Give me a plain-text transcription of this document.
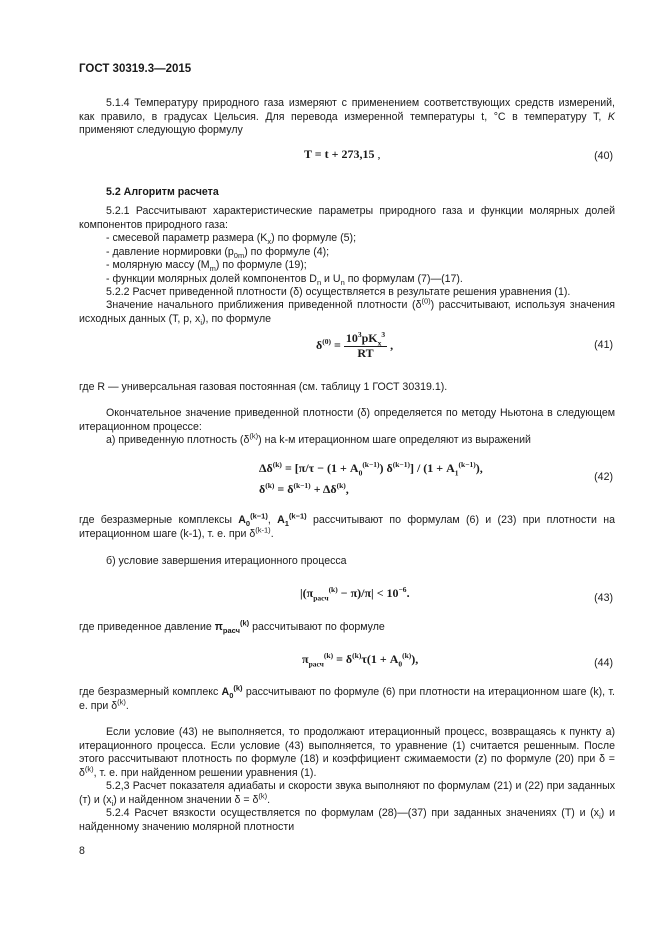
ГОСТ 30319.3—2015

5.1.4 Температуру природного газа измеряют с применением соответствующих средств измерений, как правило, в градусах Цельсия. Для перевода измеренной температуры t, °C в температуру T, K применяют следующую формулу

T = t + 273,15 ,	(40)
5.2 Алгоритм расчета

5.2.1 Рассчитывают характеристические параметры природного газа и функции молярных долей компонентов природного газа:

- смесевой параметр размера $(K_x)$ по формуле (5);
- давление нормировки $(p_{0m})$ по формуле (4);
- молярную массу $(M_m)$ по формуле (19);
- функции молярных долей компонентов $D_n$ и $U_n$ по формулам (7)—(17).

5.2.2 Расчет приведенной плотности (δ) осуществляется в результате решения уравнения (1).

Значение начального приближения приведенной плотности $(\delta^{(0)})$ рассчитывают, используя значения исходных данных (T, p, $x_i$), по формуле

$\delta^{(0)} = \frac{10^3pK_x^3}{RT}$ ,	(41)

где R — универсальная газовая постоянная (см. таблицу 1 ГОСТ 30319.1).

Окончательное значение приведенной плотности (δ) определяется по методу Ньютона в следующем итерационном процессе:

а) приведенную плотность $(\delta^{(k)})$ на k-м итерационном шаге определяют из выражений

$\Delta\delta^{(k)} = [\pi/\tau - (1 + A_0^{(k-1)})$ $\delta^{(k-1)}] / (1 + A_1^{(k-1)})$,
$\delta^{(k)} = \delta^{(k-1)} + \Delta\delta^{(k)}$,
(42)

где безразмерные комплексы $A_0^{(k-1)}$, $A_1^{(k-1)}$ рассчитывают по формулам (6) и (23) при плотности на итерационном шаге (k-1), т. е. при $\delta^{(k-1)}$.

б) условие завершения итерационного процесса

$|(\pi_{расч}^{(k)} - \pi)/\pi| < 10^{-6}$.	(43)

где приведенное давление $\pi_{расч}^{(k)}$ рассчитывают по формуле

$\pi_{расч}^{(k)} = \delta^{(k)}\tau(1 + A_0^{(k)})$,	(44)

где безразмерный комплекс $A_0^{(k)}$ рассчитывают по формуле (6) при плотности на итерационном шаге (k), т. е. при $\delta^{(k)}$.

Если условие (43) не выполняется, то продолжают итерационный процесс, возвращаясь к пункту а) итерационного процесса. Если условие (43) выполняется, то уравнение (1) считается решенным. После этого рассчитывают плотность по формуле (18) и коэффициент сжимаемости (z) по формуле (20) при $\delta = \delta^{(k)}$, т. е. при найденном решении уравнения (1).

5.2,3 Расчет показателя адиабаты и скорости звука выполняют по формулам (21) и (22) при заданных (т) и $(x_i)$ и найденном значении $\delta = \delta^{(k)}$.

5.2.4 Расчет вязкости осуществляется по формулам (28)—(37) при заданных значениях (T) и $(x_i)$ и найденному значению молярной плотности

8
